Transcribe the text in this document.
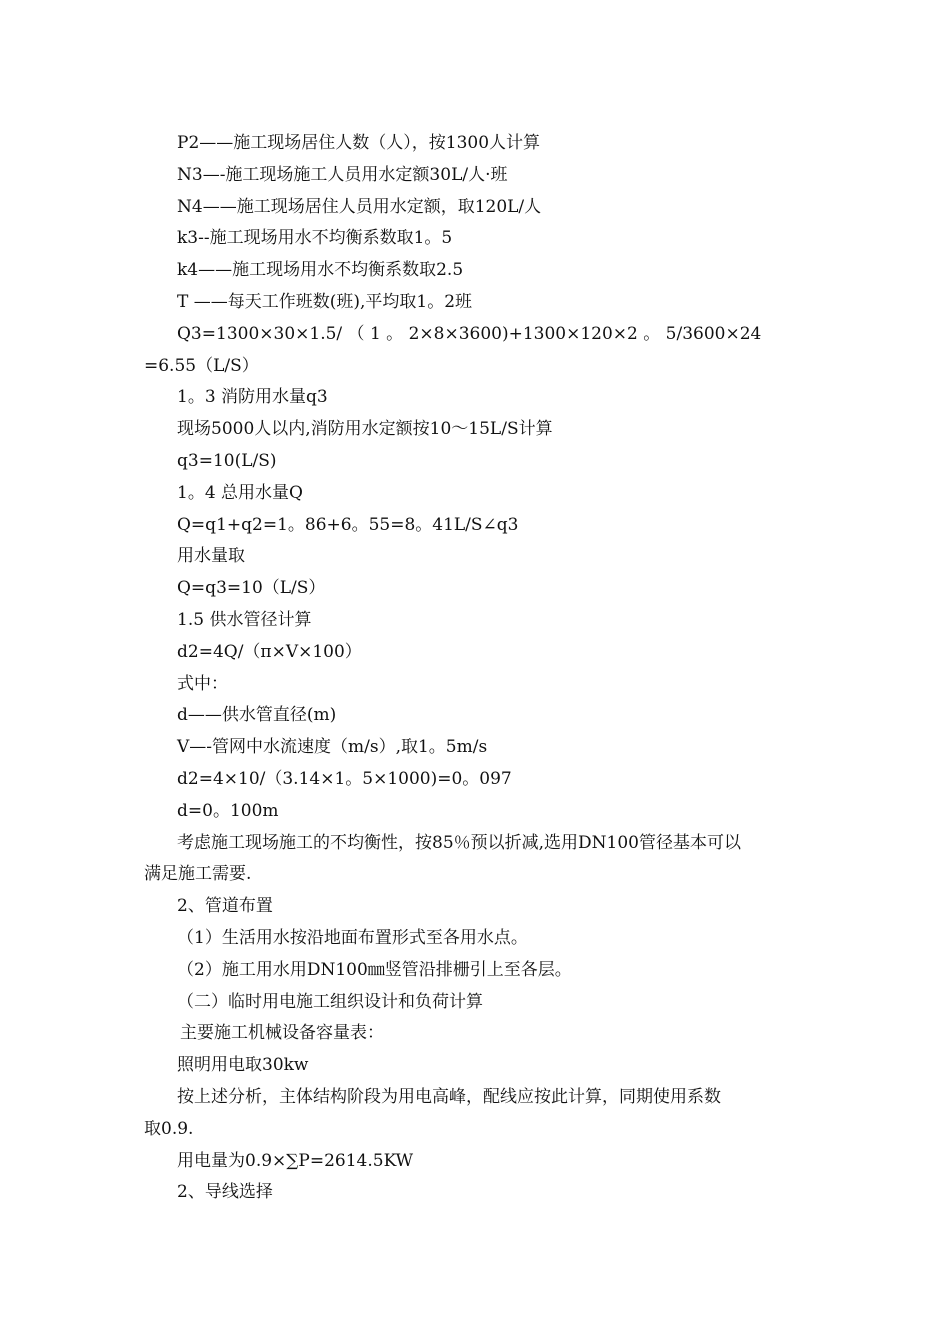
P2——施工现场居住人数（人），按1300人计算
N3—-施工现场施工人员用水定额30L/人·班
N4——施工现场居住人员用水定额，取120L/人
k3--施工现场用水不均衡系数取1。5
k4——施工现场用水不均衡系数取2.5
T ——每天工作班数(班),平均取1。2班
Q3=1300×30×1.5/ （ 1 。 2×8×3600)+1300×120×2 。 5/3600×24
=6.55（L/S）
1。3 消防用水量q3
现场5000人以内,消防用水定额按10～15L/S计算
q3=10(L/S)
1。4 总用水量Q
Q=q1+q2=1。86+6。55=8。41L/S∠q3
用水量取
Q=q3=10（L/S）
1.5 供水管径计算
d2=4Q/（π×V×100）
式中：
d——供水管直径(m)
V—-管网中水流速度（m/s）,取1。5m/s
d2=4×10/（3.14×1。5×1000)=0。097
d=0。100m
考虑施工现场施工的不均衡性，按85％预以折减,选用DN100管径基本可以
满足施工需要.
2、管道布置
（1）生活用水按沿地面布置形式至各用水点。
（2）施工用水用DN100㎜竖管沿排栅引上至各层。
（二）临时用电施工组织设计和负荷计算
主要施工机械设备容量表：
照明用电取30kw
按上述分析，主体结构阶段为用电高峰，配线应按此计算，同期使用系数
取0.9.
用电量为0.9×∑P=2614.5KW
2、导线选择
